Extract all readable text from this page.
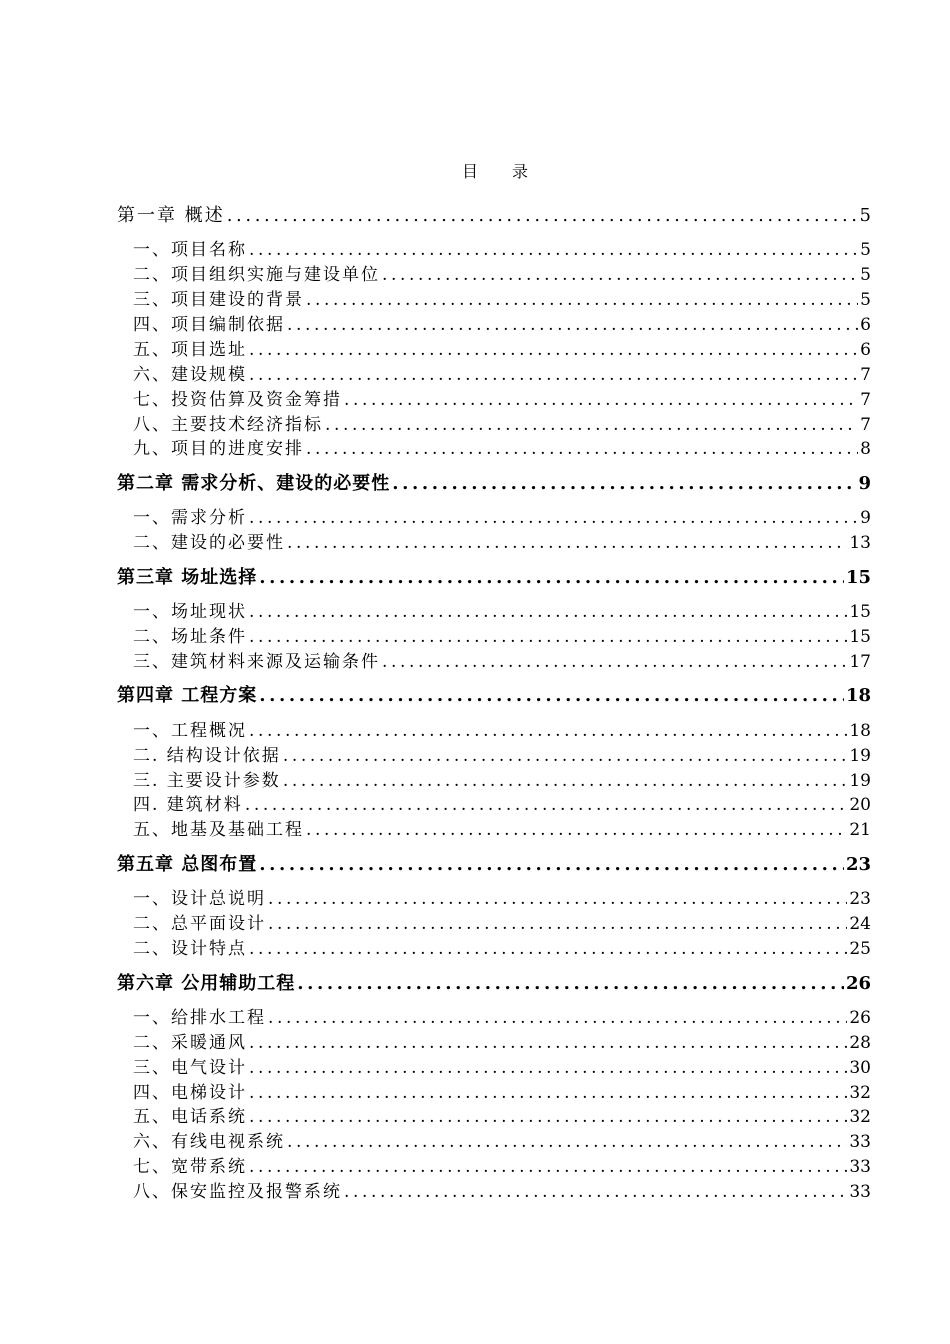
目 录
第一章 概述 .....	5
一、项目名称 .....	5
二、项目组织实施与建设单位 .....	5
三、项目建设的背景 .....	5
四、项目编制依据 .....	6
五、项目选址 .....	6
六、建设规模 .....	7
七、投资估算及资金筹措 .....	7
八、主要技术经济指标 .....	7
九、项目的进度安排 .....	8
第二章 需求分析、建设的必要性 .....	9
一、需求分析 .....	9
二、建设的必要性 .....	13
第三章 场址选择 .....	15
一、场址现状 .....	15
二、场址条件 .....	15
三、建筑材料来源及运输条件 .....	17
第四章 工程方案 .....	18
一、工程概况 .....	18
二. 结构设计依据 .....	19
三. 主要设计参数 .....	19
四. 建筑材料 .....	20
五、地基及基础工程 .....	21
第五章 总图布置 .....	23
一、设计总说明 .....	23
二、总平面设计 .....	24
二、设计特点 .....	25
第六章 公用辅助工程 .....	26
一、给排水工程 .....	26
二、采暖通风 .....	28
三、电气设计 .....	30
四、电梯设计 .....	32
五、电话系统 .....	32
六、有线电视系统 .....	33
七、宽带系统 .....	33
八、保安监控及报警系统 .....	33
